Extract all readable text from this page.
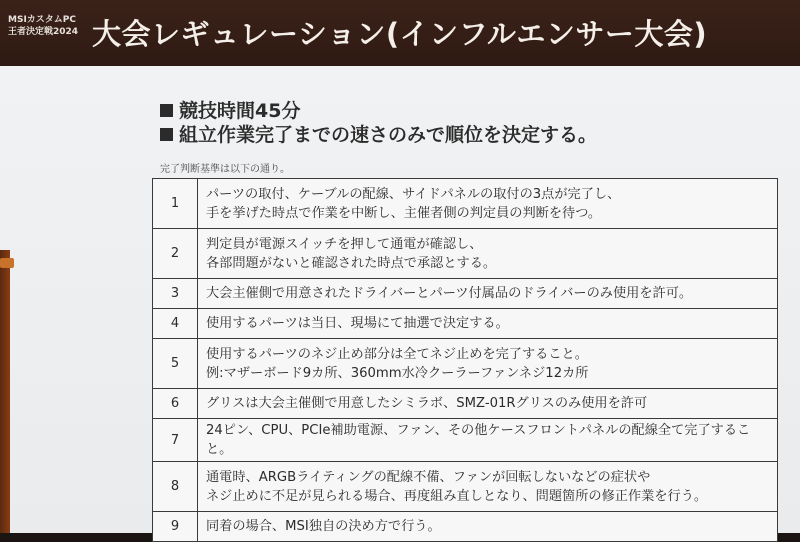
MSIカスタムPC
王者決定戦2024 大会レギュレーション(インフルエンサー大会)
競技時間45分
組立作業完了までの速さのみで順位を決定する。
完了判断基準は以下の通り。
1	パーツの取付、ケーブルの配線、サイドパネルの取付の3点が完了し、
手を挙げた時点で作業を中断し、主催者側の判定員の判断を待つ。

2	判定員が電源スイッチを押して通電が確認し、
各部問題がないと確認された時点で承認とする。

3	大会主催側で用意されたドライバーとパーツ付属品のドライバーのみ使用を許可。

4	使用するパーツは当日、現場にて抽選で決定する。

5	使用するパーツのネジ止め部分は全てネジ止めを完了すること。
例:マザーボード9カ所、360mm水冷クーラーファンネジ12カ所

6	グリスは大会主催側で用意したシミラボ、SMZ-01Rグリスのみ使用を許可

7	24ピン、CPU、PCIe補助電源、ファン、その他ケースフロントパネルの配線全て完了すること。

8	通電時、ARGBライティングの配線不備、ファンが回転しないなどの症状や
ネジ止めに不足が見られる場合、再度組み直しとなり、問題箇所の修正作業を行う。

9	同着の場合、MSI独自の決め方で行う。
